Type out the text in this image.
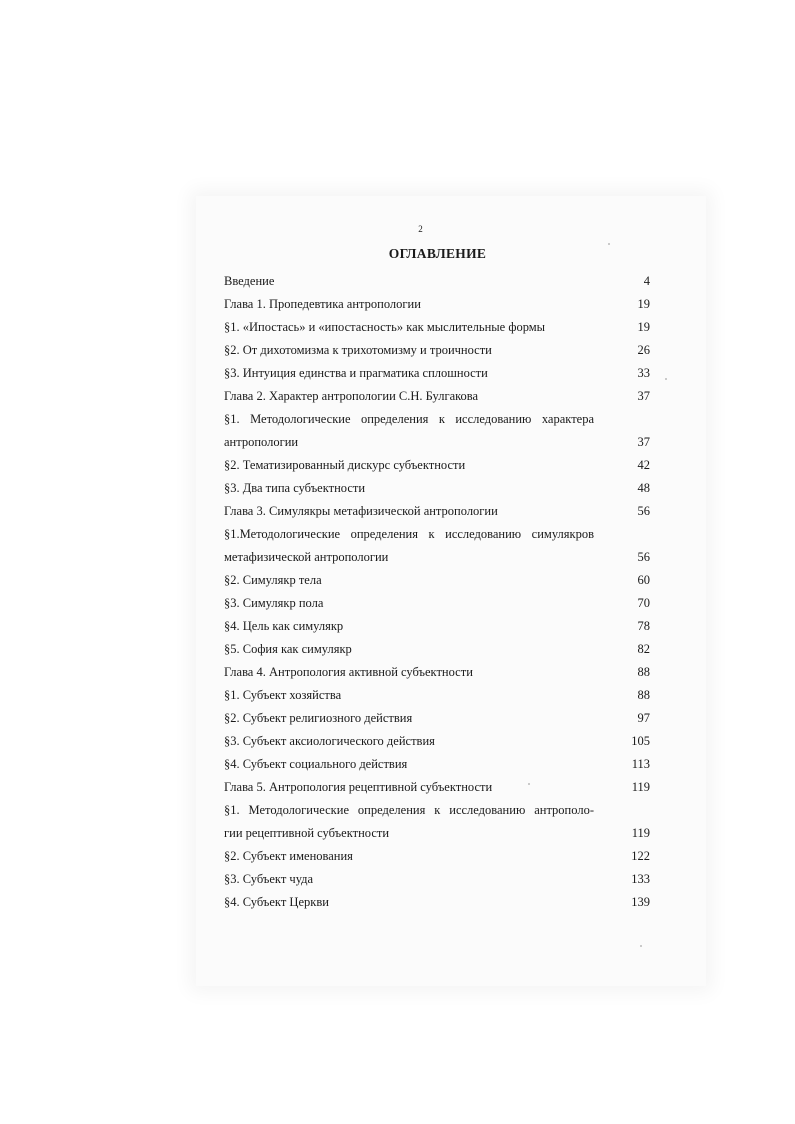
2
ОГЛАВЛЕНИЕ
Введение	4
Глава 1. Пропедевтика антропологии	19
§1. «Ипостась» и «ипостасность» как мыслительные формы	19
§2. От дихотомизма к трихотомизму и троичности	26
§3. Интуиция единства и прагматика сплошности	33
Глава 2. Характер антропологии С.Н. Булгакова	37
§1. Методологические определения к исследованию характера
антропологии	37
§2. Тематизированный дискурс субъектности	42
§3. Два типа субъектности	48
Глава 3. Симулякры метафизической антропологии	56
§1.Методологические определения к исследованию симулякров
метафизической антропологии	56
§2. Симулякр тела	60
§3. Симулякр пола	70
§4. Цель как симулякр	78
§5. София как симулякр	82
Глава 4. Антропология активной субъектности	88
§1. Субъект хозяйства	88
§2. Субъект религиозного действия	97
§3. Субъект аксиологического действия	105
§4. Субъект социального действия	113
Глава 5. Антропология рецептивной субъектности	119
§1. Методологические определения к исследованию антрополо-
гии рецептивной субъектности	119
§2. Субъект именования	122
§3. Субъект чуда	133
§4. Субъект Церкви	139
